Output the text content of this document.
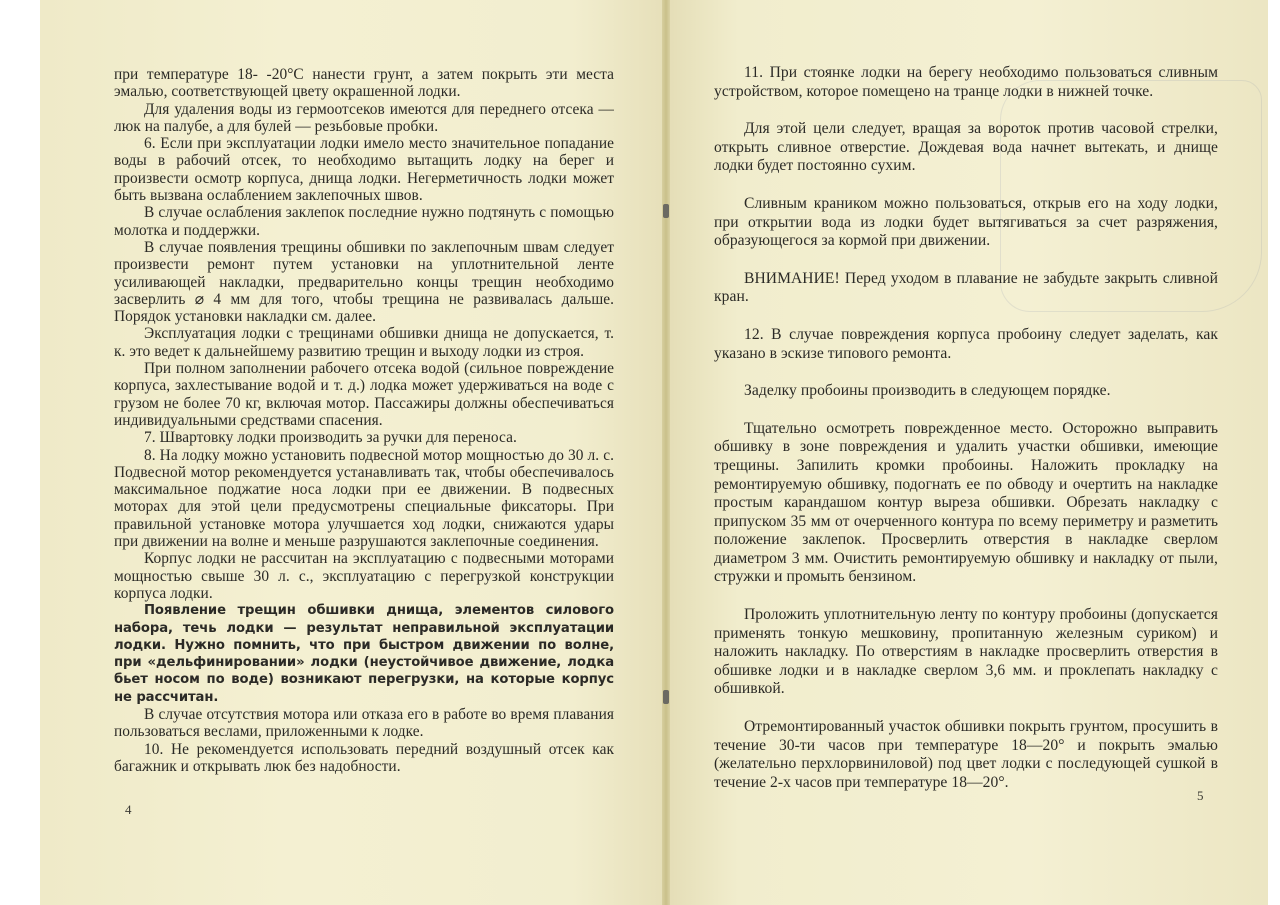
при температуре 18- -20°С нанести грунт, а затем покрыть эти места эмалью, соответствующей цвету окрашенной лодки.

Для удаления воды из гермоотсеков имеются для переднего отсека — люк на палубе, а для булей — резьбовые пробки.

6. Если при эксплуатации лодки имело место значительное попадание воды в рабочий отсек, то необходимо вытащить лодку на берег и произвести осмотр корпуса, днища лодки. Негерметичность лодки может быть вызвана ослаблением заклепочных швов.

В случае ослабления заклепок последние нужно подтянуть с помощью молотка и поддержки.

В случае появления трещины обшивки по заклепочным швам следует произвести ремонт путем установки на уплотнительной ленте усиливающей накладки, предварительно концы трещин необходимо засверлить ⌀ 4 мм для того, чтобы трещина не развивалась дальше. Порядок установки накладки см. далее.

Эксплуатация лодки с трещинами обшивки днища не допускается, т. к. это ведет к дальнейшему развитию трещин и выходу лодки из строя.

При полном заполнении рабочего отсека водой (сильное повреждение корпуса, захлестывание водой и т. д.) лодка может удерживаться на воде с грузом не более 70 кг, включая мотор. Пассажиры должны обеспечиваться индивидуальными средствами спасения.

7. Швартовку лодки производить за ручки для переноса.

8. На лодку можно установить подвесной мотор мощностью до 30 л. с. Подвесной мотор рекомендуется устанавливать так, чтобы обеспечивалось максимальное поджатие носа лодки при ее движении. В подвесных моторах для этой цели предусмотрены специальные фиксаторы. При правильной установке мотора улучшается ход лодки, снижаются удары при движении на волне и меньше разрушаются заклепочные соединения.

Корпус лодки не рассчитан на эксплуатацию с подвесными моторами мощностью свыше 30 л. с., эксплуатацию с перегрузкой конструкции корпуса лодки.

Появление трещин обшивки днища, элементов силового набора, течь лодки — результат неправильной эксплуатации лодки. Нужно помнить, что при быстром движении по волне, при «дельфинировании» лодки (неустойчивое движение, лодка бьет носом по воде) возникают перегрузки, на которые корпус не рассчитан.

В случае отсутствия мотора или отказа его в работе во время плавания пользоваться веслами, приложенными к лодке.

10. Не рекомендуется использовать передний воздушный отсек как багажник и открывать люк без надобности.

4

11. При стоянке лодки на берегу необходимо пользоваться сливным устройством, которое помещено на транце лодки в нижней точке.

Для этой цели следует, вращая за вороток против часовой стрелки, открыть сливное отверстие. Дождевая вода начнет вытекать, и днище лодки будет постоянно сухим.

Сливным краником можно пользоваться, открыв его на ходу лодки, при открытии вода из лодки будет вытягиваться за счет разряжения, образующегося за кормой при движении.

ВНИМАНИЕ! Перед уходом в плавание не забудьте закрыть сливной кран.

12. В случае повреждения корпуса пробоину следует заделать, как указано в эскизе типового ремонта.

Заделку пробоины производить в следующем порядке.

Тщательно осмотреть поврежденное место. Осторожно выправить обшивку в зоне повреждения и удалить участки обшивки, имеющие трещины. Запилить кромки пробоины. Наложить прокладку на ремонтируемую обшивку, подогнать ее по обводу и очертить на накладке простым карандашом контур выреза обшивки. Обрезать накладку с припуском 35 мм от очерченного контура по всему периметру и разметить положение заклепок. Просверлить отверстия в накладке сверлом диаметром 3 мм. Очистить ремонтируемую обшивку и накладку от пыли, стружки и промыть бензином.

Проложить уплотнительную ленту по контуру пробоины (допускается применять тонкую мешковину, пропитанную железным суриком) и наложить накладку. По отверстиям в накладке просверлить отверстия в обшивке лодки и в накладке сверлом 3,6 мм. и проклепать накладку с обшивкой.

Отремонтированный участок обшивки покрыть грунтом, просушить в течение 30-ти часов при температуре 18—20° и покрыть эмалью (желательно перхлорвиниловой) под цвет лодки с последующей сушкой в течение 2-х часов при температуре 18—20°.

5
